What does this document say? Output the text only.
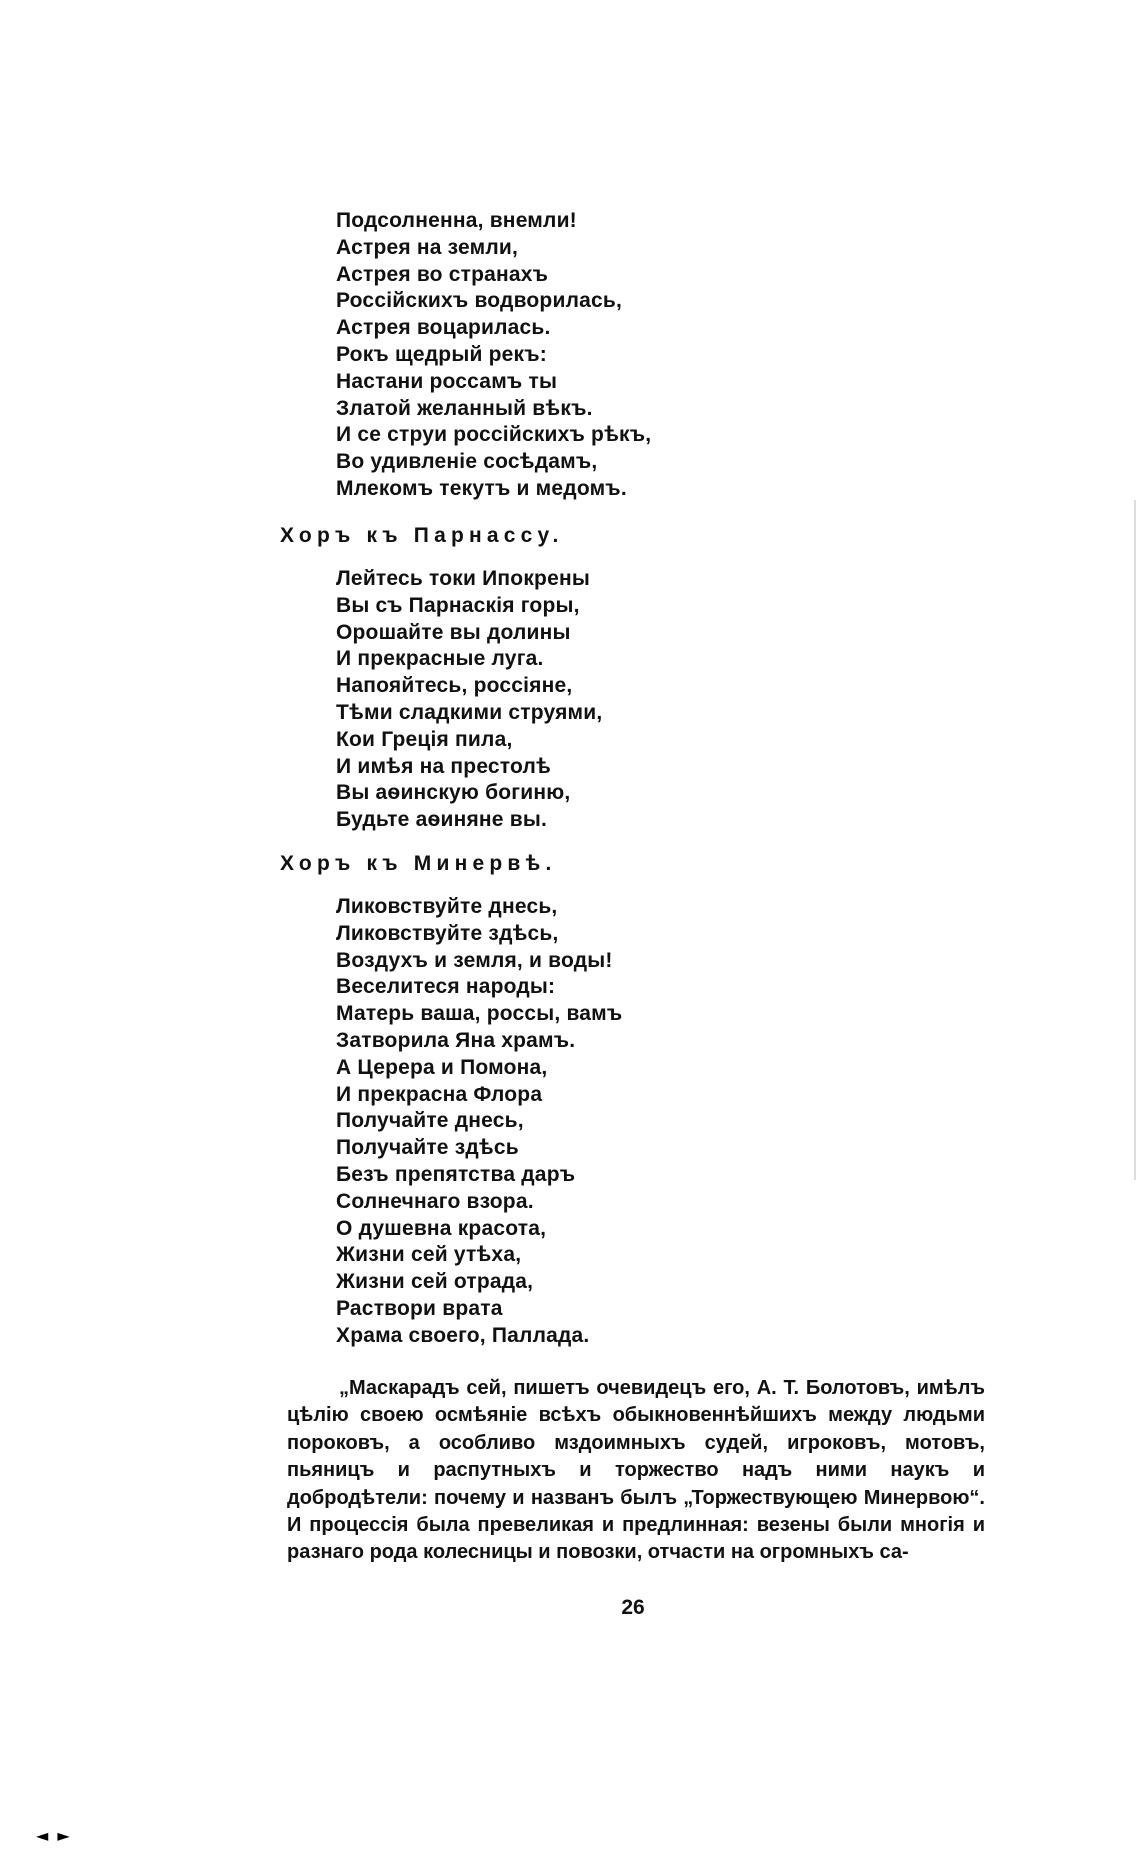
Подсолненна, внемли!
Астрея на земли,
Астрея во странахъ
Россійскихъ водворилась,
Астрея воцарилась.
Рокъ щедрый рекъ:
Настани россамъ ты
Златой желанный вѣкъ.
И се струи россійскихъ рѣкъ,
Во удивленіе сосѣдамъ,
Млекомъ текутъ и медомъ.
Хоръ къ Парнассу.
Лейтесь токи Ипокрены
Вы съ Парнаскія горы,
Орошайте вы долины
И прекрасные луга.
Напояйтесь, россіяне,
Тѣми сладкими струями,
Кои Греція пила,
И имѣя на престолѣ
Вы аѳинскую богиню,
Будьте аѳиняне вы.
Хоръ къ Минервѣ.
Ликовствуйте днесь,
Ликовствуйте здѣсь,
Воздухъ и земля, и воды!
Веселитеся народы:
Матерь ваша, россы, вамъ
Затворила Яна храмъ.
А Церера и Помона,
И прекрасна Флора
Получайте днесь,
Получайте здѣсь
Безъ препятства даръ
Солнечнаго взора.
О душевна красота,
Жизни сей утѣха,
Жизни сей отрада,
Раствори врата
Храма своего, Паллада.

„Маскарадъ сей, пишетъ очевидецъ его, А. Т. Болотовъ, имѣлъ цѣлію своею осмѣяніе всѣхъ обыкновеннѣйшихъ между людьми пороковъ, а особливо мздоимныхъ судей, игроковъ, мотовъ, пьяницъ и распутныхъ и торжество надъ ними наукъ и добродѣтели: почему и названъ былъ „Торжествующею Минервою“. И процессія была превеликая и предлинная: везены были многія и разнаго рода колесницы и повозки, отчасти на огромныхъ са-

26
◄ ►
